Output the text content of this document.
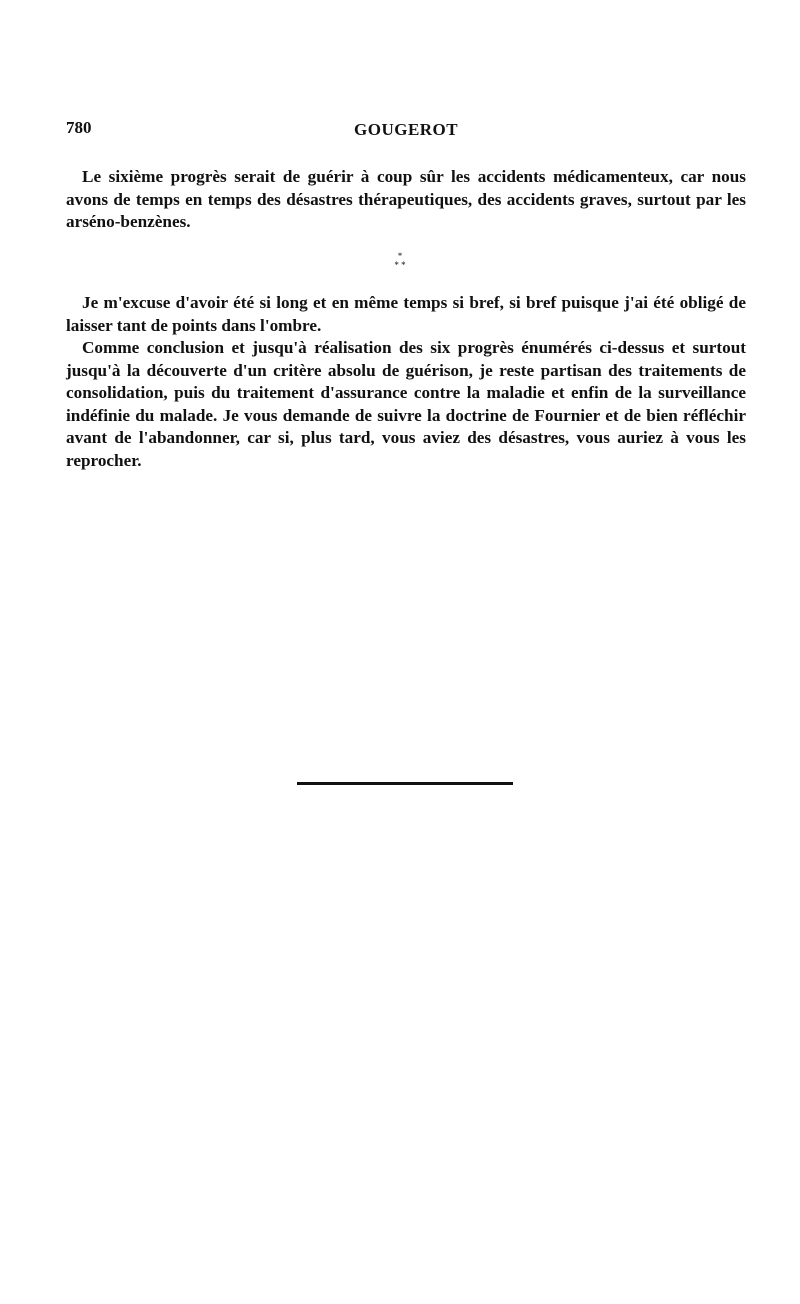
780	GOUGEROT

Le sixième progrès serait de guérir à coup sûr les accidents médicamenteux, car nous avons de temps en temps des désastres thérapeutiques, des accidents graves, surtout par les arséno-benzènes.

*
* *

Je m'excuse d'avoir été si long et en même temps si bref, si bref puisque j'ai été obligé de laisser tant de points dans l'ombre.

Comme conclusion et jusqu'à réalisation des six progrès énumérés ci-dessus et surtout jusqu'à la découverte d'un critère absolu de guérison, je reste partisan des traitements de consolidation, puis du traitement d'assurance contre la maladie et enfin de la surveillance indéfinie du malade. Je vous demande de suivre la doctrine de Fournier et de bien réfléchir avant de l'abandonner, car si, plus tard, vous aviez des désastres, vous auriez à vous les reprocher.
